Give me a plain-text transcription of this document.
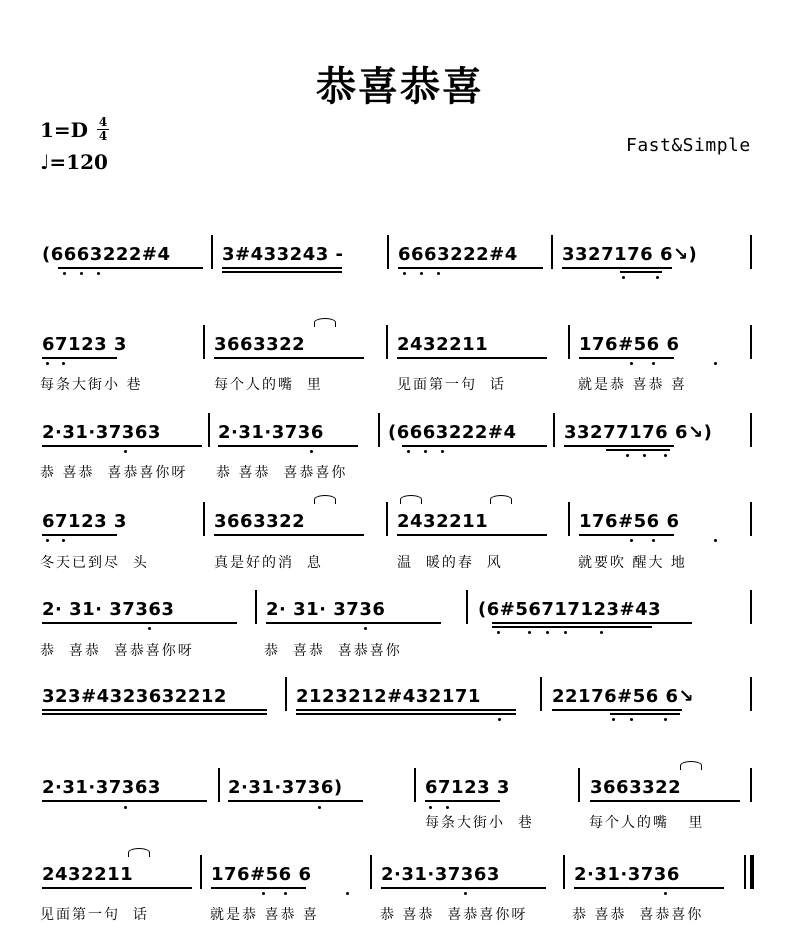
恭喜恭喜
1=D 4
4
♩=120
Fast&Simple
(6663222#4	3#433243 -	6663222#4 3327176 6↘)
67123 3	3663322	2432211	176#56 6
每条大街小 巷	每个人的嘴  里	见面第一句  话	就是恭 喜恭 喜
2·31·37363	2·31·3736	(6663222#4	33277176 6↘)
恭 喜恭  喜恭喜你呀 恭 喜恭  喜恭喜你
67123 3	3663322	2432211	176#56 6
冬天已到尽  头	真是好的消  息	温  暖的春  风	就要吹 醒大 地
2· 31· 37363	2· 31· 3736	(6#56717123#43
恭  喜恭  喜恭喜你呀	恭  喜恭  喜恭喜你
323#4323632212	2123212#432171	22176#56 6↘
2·31·37363	2·31·3736)	67123 3	3663322
每条大街小  巷	每个人的嘴   里
2432211	176#56 6	2·31·37363	2·31·3736
见面第一句  话	就是恭 喜恭 喜	恭 喜恭  喜恭喜你呀	恭 喜恭  喜恭喜你
